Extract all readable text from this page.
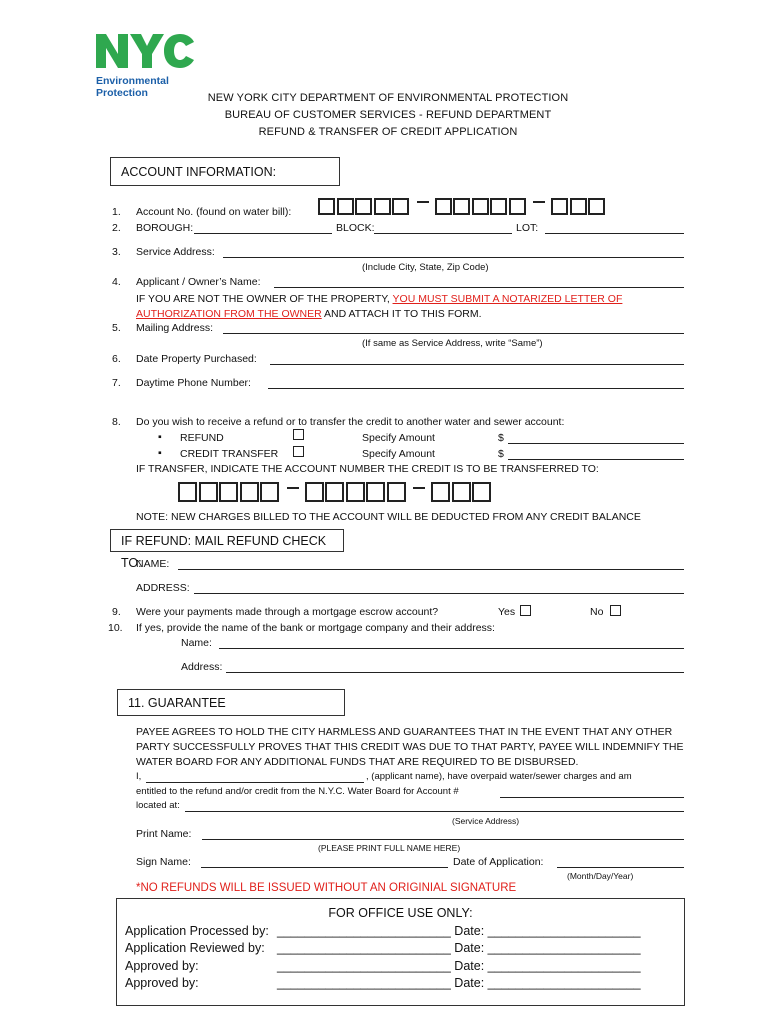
Environmental
Protection	NEW YORK CITY DEPARTMENT OF ENVIRONMENTAL PROTECTION
BUREAU OF CUSTOMER SERVICES - REFUND DEPARTMENT
REFUND & TRANSFER OF CREDIT APPLICATION
ACCOUNT INFORMATION:
1. Account No. (found on water bill):
2. BOROUGH:	BLOCK:	LOT:
3. Service Address:
(Include City, State, Zip Code)
4. Applicant / Owner’s Name:
IF YOU ARE NOT THE OWNER OF THE PROPERTY, YOU MUST SUBMIT A NOTARIZED LETTER OF
AUTHORIZATION FROM THE OWNER AND ATTACH IT TO THIS FORM.
5. Mailing Address:
(If same as Service Address, write “Same”)
6. Date Property Purchased:
7. Daytime Phone Number:
8. Do you wish to receive a refund or to transfer the credit to another water and sewer account:
▪ REFUND	Specify Amount	$
▪ CREDIT TRANSFER	Specify Amount	$
IF TRANSFER, INDICATE THE ACCOUNT NUMBER THE CREDIT IS TO BE TRANSFERRED TO:
NOTE: NEW CHARGES BILLED TO THE ACCOUNT WILL BE DEDUCTED FROM ANY CREDIT BALANCE
IF REFUND: MAIL REFUND CHECK TO:
NAME:
ADDRESS:
9. Were your payments made through a mortgage escrow account?	Yes	No
10. If yes, provide the name of the bank or mortgage company and their address:
Name:
Address:
11. GUARANTEE
PAYEE AGREES TO HOLD THE CITY HARMLESS AND GUARANTEES THAT IN THE EVENT THAT ANY OTHER
PARTY SUCCESSFULLY PROVES THAT THIS CREDIT WAS DUE TO THAT PARTY, PAYEE WILL INDEMNIFY THE
WATER BOARD FOR ANY ADDITIONAL FUNDS THAT ARE REQUIRED TO BE DISBURSED.
I,	, (applicant name), have overpaid water/sewer charges and am
entitled to the refund and/or credit from the N.Y.C. Water Board for Account #
located at:
(Service Address)
Print Name:
(PLEASE PRINT FULL NAME HERE)
Sign Name:	Date of Application:
(Month/Day/Year)
*NO REFUNDS WILL BE ISSUED WITHOUT AN ORIGINIAL SIGNATURE
FOR OFFICE USE ONLY:
Application Processed by: _________________________ Date: ______________________
Application Reviewed by: _________________________ Date: ______________________
Approved by:	_________________________ Date: ______________________
Approved by:	_________________________ Date: ______________________
